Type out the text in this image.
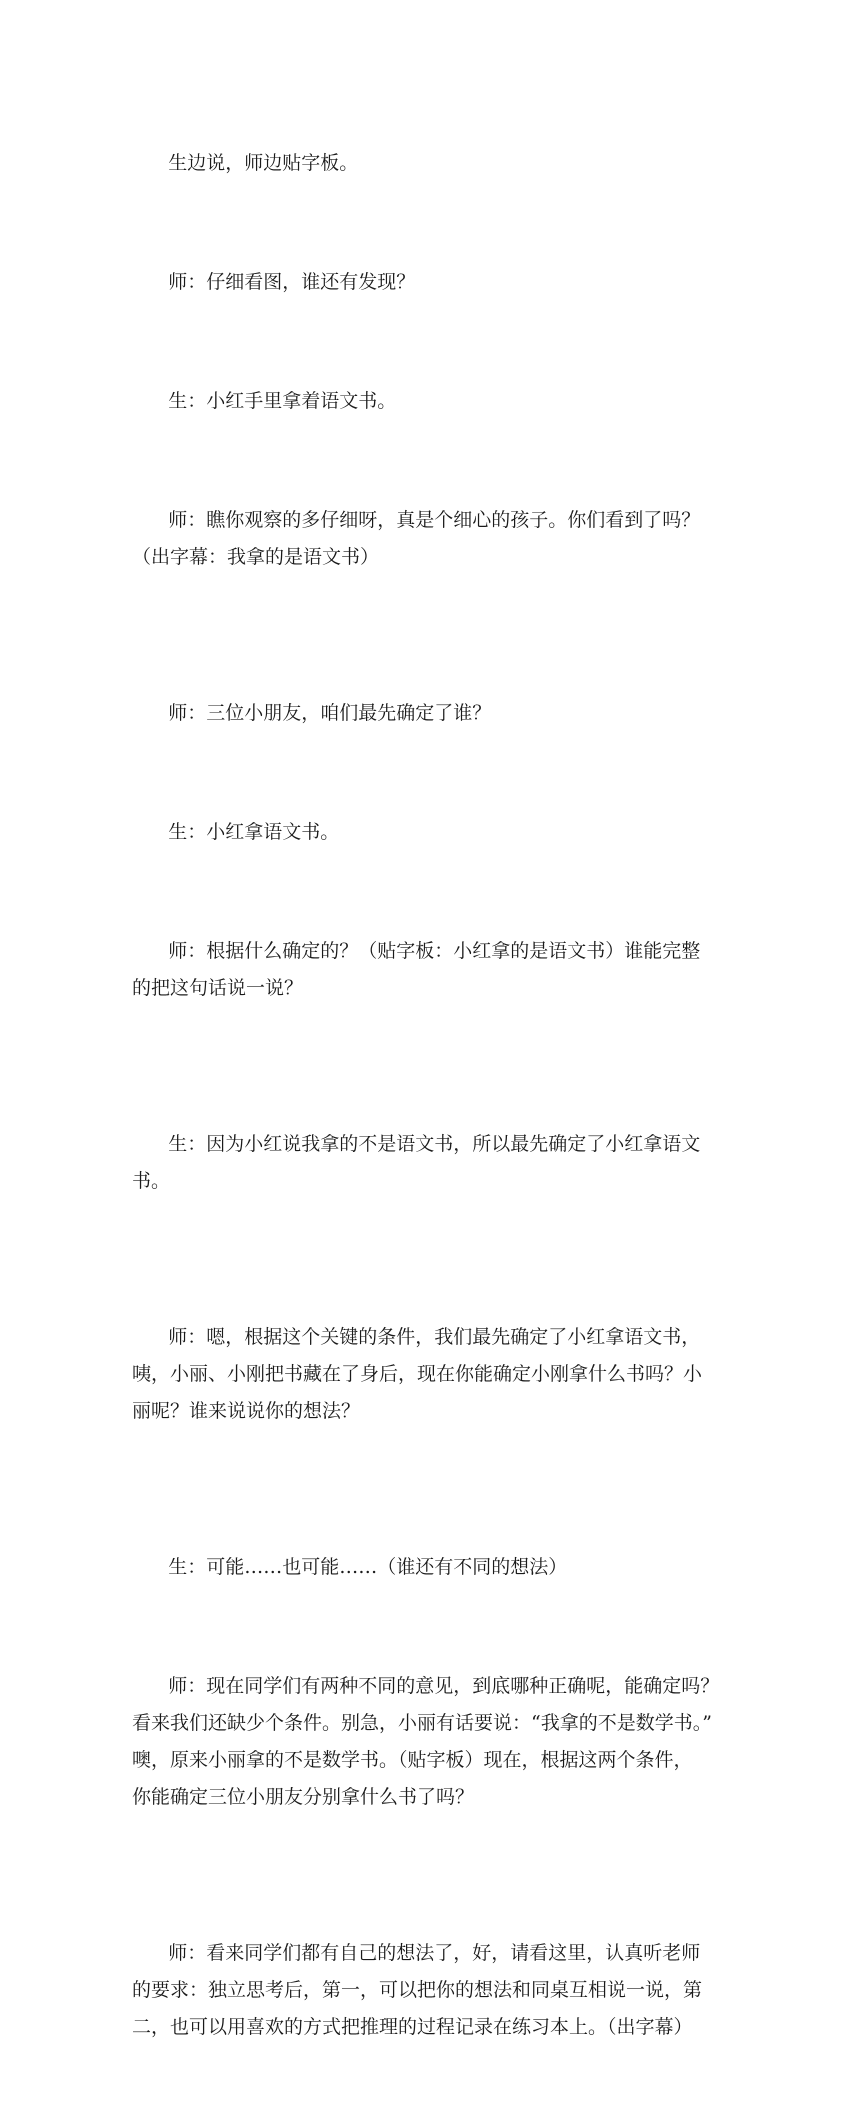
生边说，师边贴字板。

师：仔细看图，谁还有发现？

生：小红手里拿着语文书。

师：瞧你观察的多仔细呀，真是个细心的孩子。你们看到了吗？
（出字幕：我拿的是语文书）

师：三位小朋友，咱们最先确定了谁？

生：小红拿语文书。

师：根据什么确定的？（贴字板：小红拿的是语文书）谁能完整
的把这句话说一说？

生：因为小红说我拿的不是语文书，所以最先确定了小红拿语文
书。

师：嗯，根据这个关键的条件，我们最先确定了小红拿语文书，
咦，小丽、小刚把书藏在了身后，现在你能确定小刚拿什么书吗？小
丽呢？谁来说说你的想法？

生：可能……也可能……（谁还有不同的想法）

师：现在同学们有两种不同的意见，到底哪种正确呢，能确定吗？
看来我们还缺少个条件。别急，小丽有话要说：“我拿的不是数学书。”
噢，原来小丽拿的不是数学书。（贴字板）现在，根据这两个条件，
你能确定三位小朋友分别拿什么书了吗？

师：看来同学们都有自己的想法了，好，请看这里，认真听老师
的要求：独立思考后，第一，可以把你的想法和同桌互相说一说，第
二，也可以用喜欢的方式把推理的过程记录在练习本上。（出字幕）
